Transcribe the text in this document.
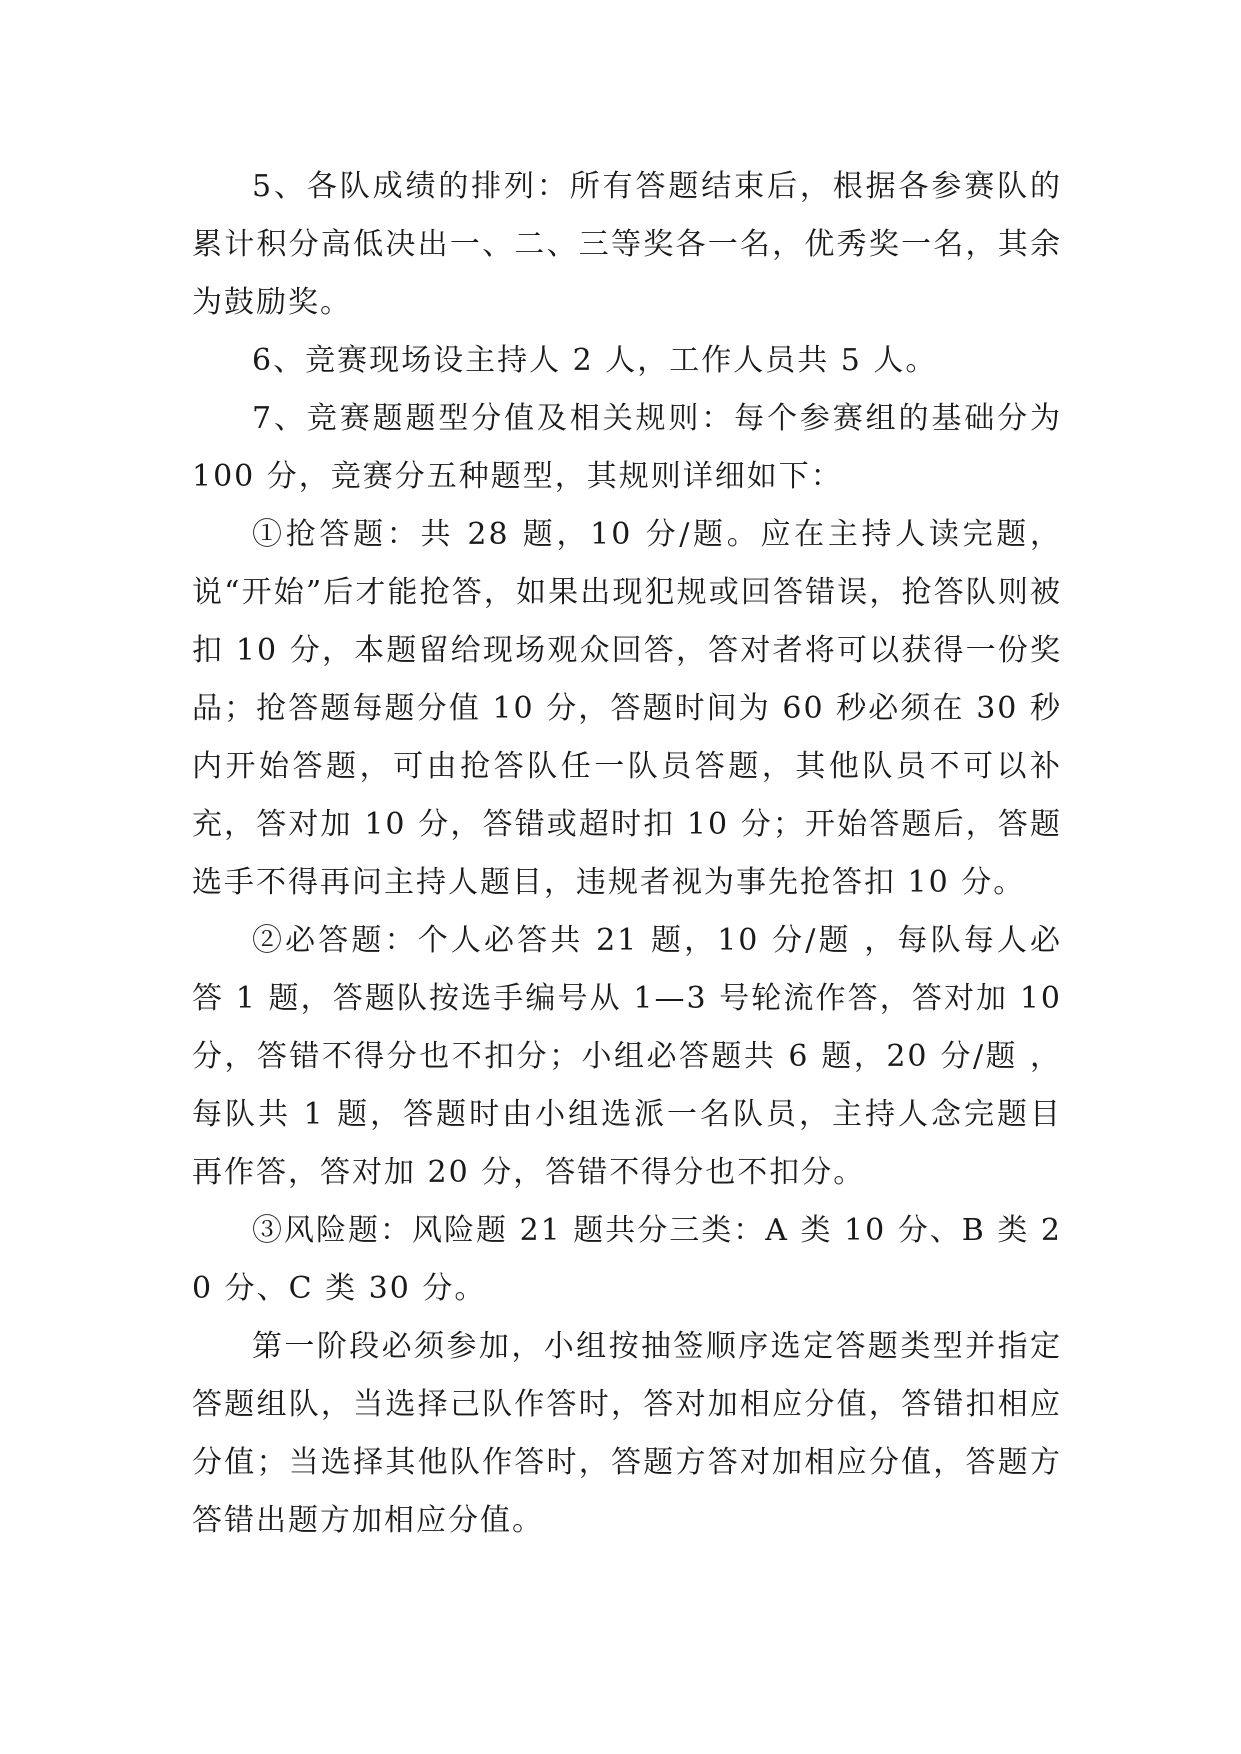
5、各队成绩的排列：所有答题结束后，根据各参赛队的累计积分高低决出一、二、三等奖各一名，优秀奖一名，其余为鼓励奖。

6、竞赛现场设主持人 2 人，工作人员共 5 人。

7、竞赛题题型分值及相关规则：每个参赛组的基础分为 100 分，竞赛分五种题型，其规则详细如下：

①抢答题：共 28 题，10 分/题。应在主持人读完题，说“开始”后才能抢答，如果出现犯规或回答错误，抢答队则被扣 10 分，本题留给现场观众回答，答对者将可以获得一份奖品；抢答题每题分值 10 分，答题时间为 60 秒必须在 30 秒内开始答题，可由抢答队任一队员答题，其他队员不可以补充，答对加 10 分，答错或超时扣 10 分；开始答题后，答题选手不得再问主持人题目，违规者视为事先抢答扣 10 分。

②必答题：个人必答共 21 题，10 分/题 ，每队每人必答 1 题，答题队按选手编号从 1—3 号轮流作答，答对加 10 分，答错不得分也不扣分；小组必答题共 6 题，20 分/题 ，每队共 1 题，答题时由小组选派一名队员，主持人念完题目再作答，答对加 20 分，答错不得分也不扣分。

③风险题：风险题 21 题共分三类：A 类 10 分、B 类 20 分、C 类 30 分。

第一阶段必须参加，小组按抽签顺序选定答题类型并指定答题组队，当选择己队作答时，答对加相应分值，答错扣相应分值；当选择其他队作答时，答题方答对加相应分值，答题方答错出题方加相应分值。
